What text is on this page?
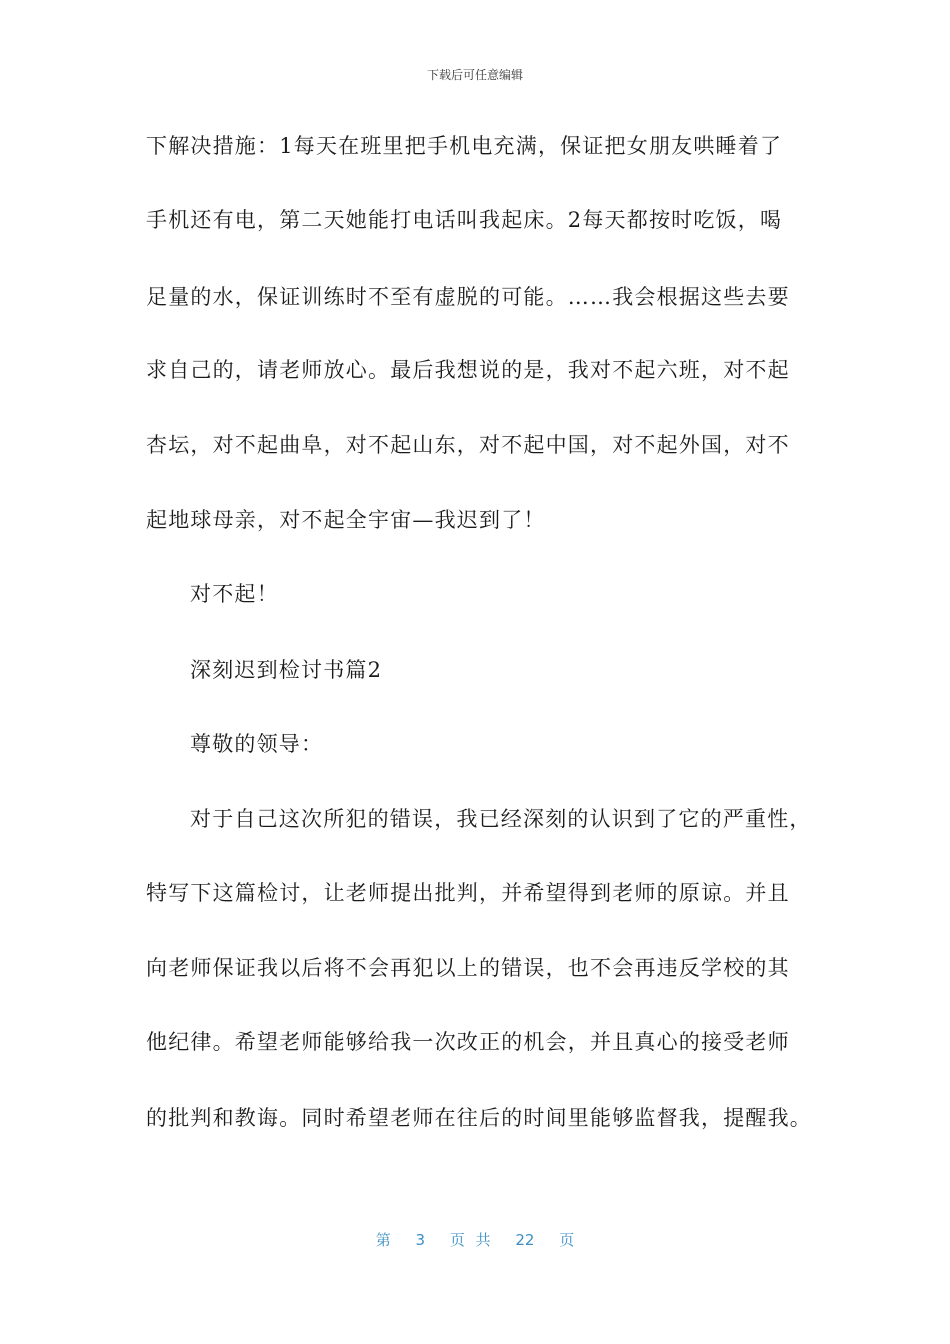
下载后可任意编辑
下解决措施：1每天在班里把手机电充满，保证把女朋友哄睡着了
手机还有电，第二天她能打电话叫我起床。2每天都按时吃饭，喝
足量的水，保证训练时不至有虚脱的可能。……我会根据这些去要
求自己的，请老师放心。最后我想说的是，我对不起六班，对不起
杏坛，对不起曲阜，对不起山东，对不起中国，对不起外国，对不
起地球母亲，对不起全宇宙—我迟到了！
对不起！
深刻迟到检讨书篇2
尊敬的领导：
对于自己这次所犯的错误，我已经深刻的认识到了它的严重性，
特写下这篇检讨，让老师提出批判，并希望得到老师的原谅。并且
向老师保证我以后将不会再犯以上的错误，也不会再违反学校的其
他纪律。希望老师能够给我一次改正的机会，并且真心的接受老师
的批判和教诲。同时希望老师在往后的时间里能够监督我，提醒我。
第 3 页 共 22 页
